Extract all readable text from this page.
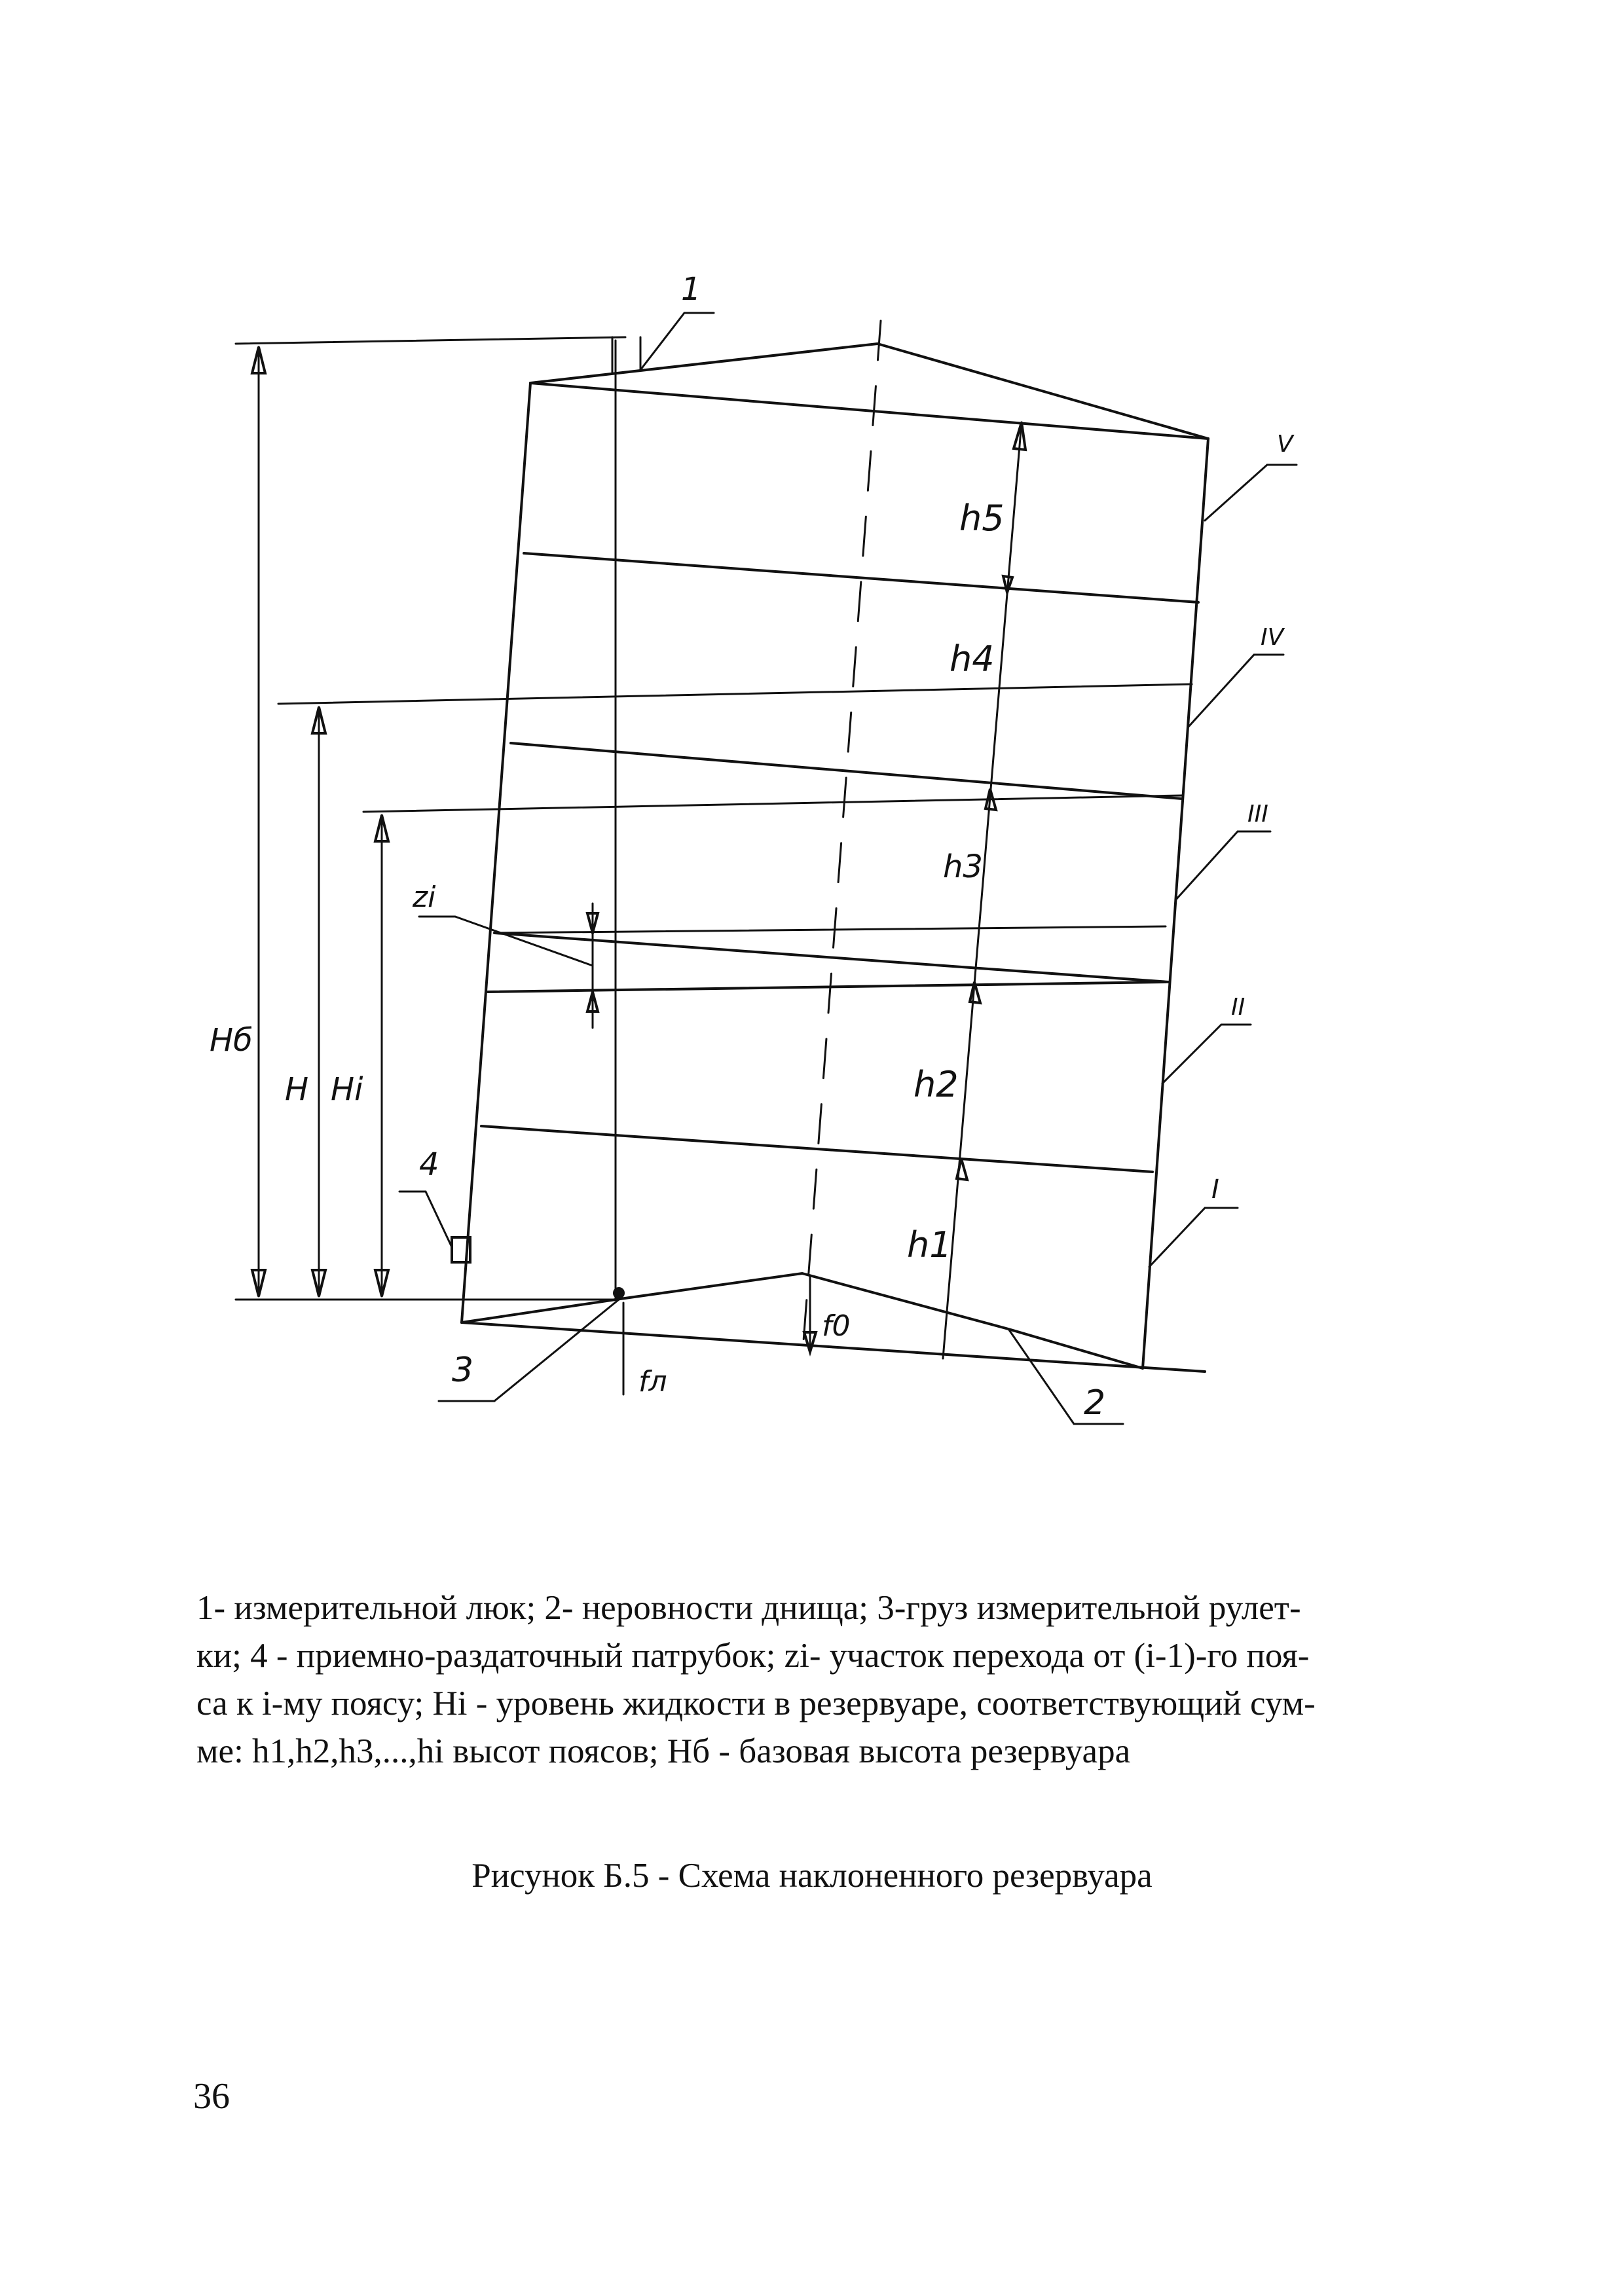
1
V
IV
III
II
I
h5
h4
h3
h2
h1
zi
Hб
H Hi
4
f0
fл
3
2
1- измерительной люк; 2- неровности днища; 3-груз измерительной рулет-
ки; 4 - приемно-раздаточный патрубок; zi- участок перехода от (i-1)-го поя-
са к i-му поясу; Hi - уровень жидкости в резервуаре, соответствующий сум-
ме: h1,h2,h3,...,hi высот поясов; Hб - базовая высота резервуара
Рисунок Б.5 - Схема наклоненного резервуара
36
